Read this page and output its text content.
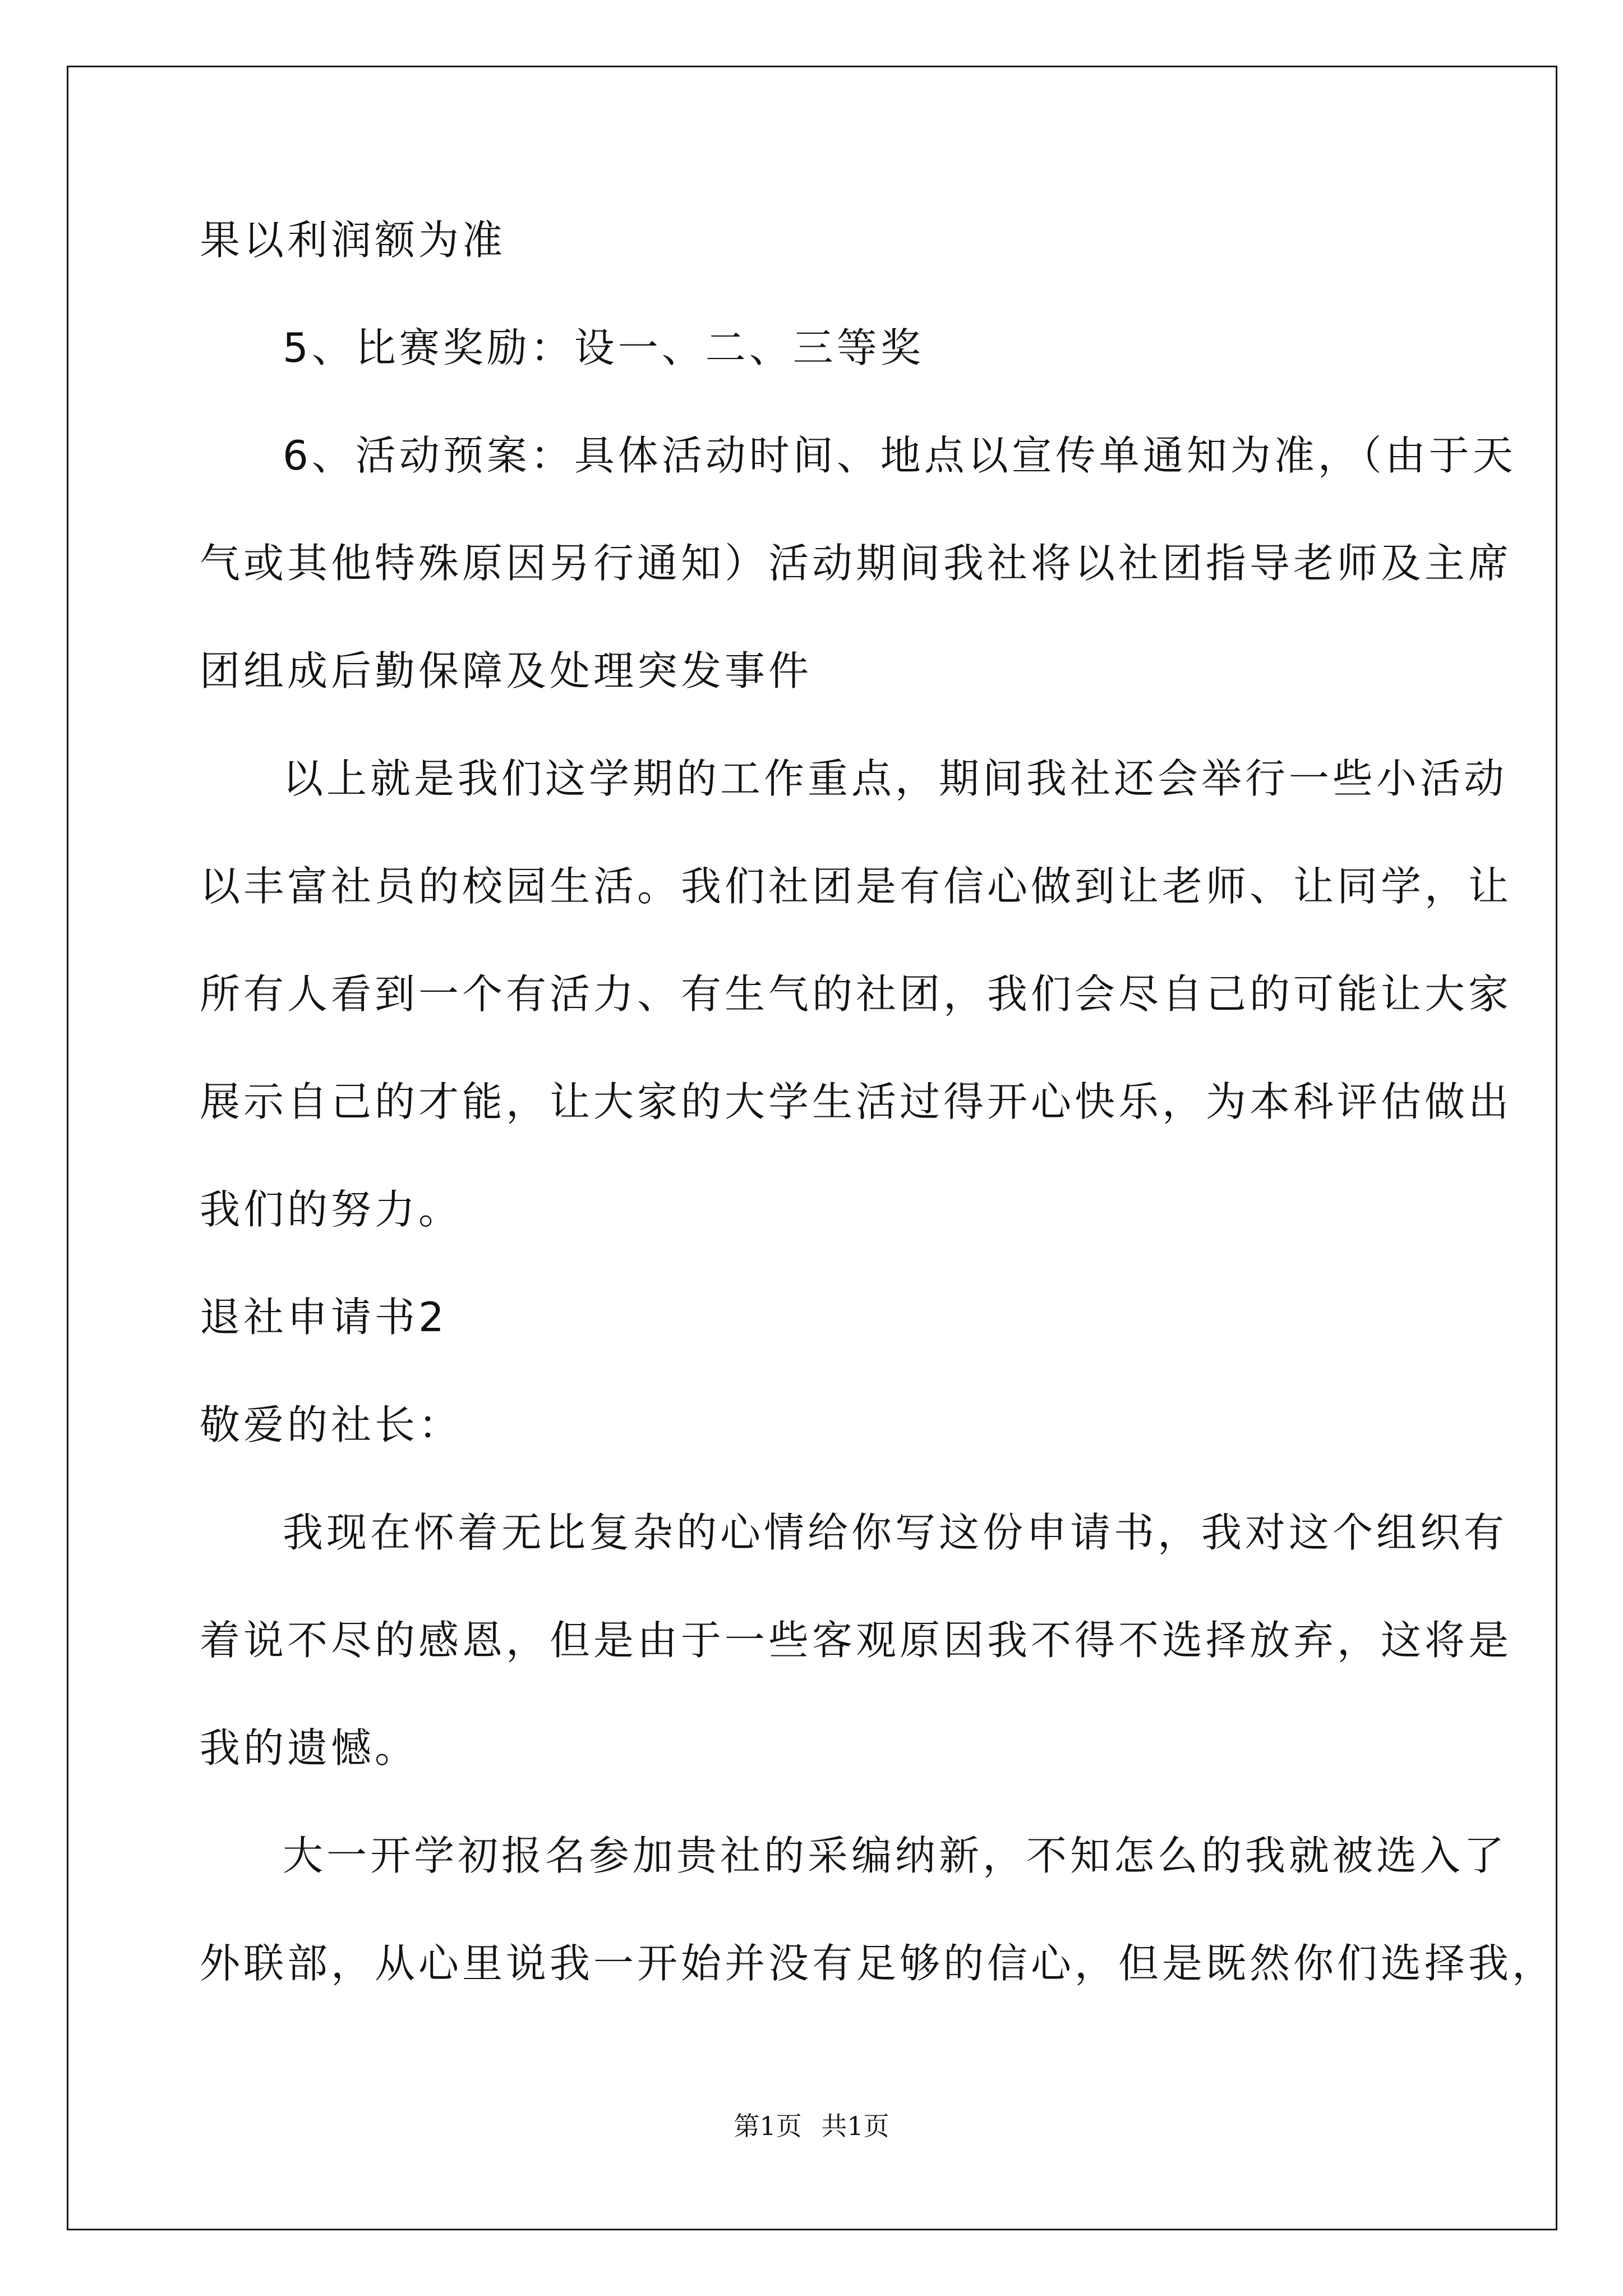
果以利润额为准
5、比赛奖励：设一、二、三等奖
6、活动预案：具体活动时间、地点以宣传单通知为准，（由于天
气或其他特殊原因另行通知）活动期间我社将以社团指导老师及主席
团组成后勤保障及处理突发事件
以上就是我们这学期的工作重点，期间我社还会举行一些小活动
以丰富社员的校园生活。我们社团是有信心做到让老师、让同学，让
所有人看到一个有活力、有生气的社团，我们会尽自己的可能让大家
展示自己的才能，让大家的大学生活过得开心快乐，为本科评估做出
我们的努力。
退社申请书2
敬爱的社长：
我现在怀着无比复杂的心情给你写这份申请书，我对这个组织有
着说不尽的感恩，但是由于一些客观原因我不得不选择放弃，这将是
我的遗憾。
大一开学初报名参加贵社的采编纳新，不知怎么的我就被选入了
外联部，从心里说我一开始并没有足够的信心，但是既然你们选择我，
第1页 共1页
